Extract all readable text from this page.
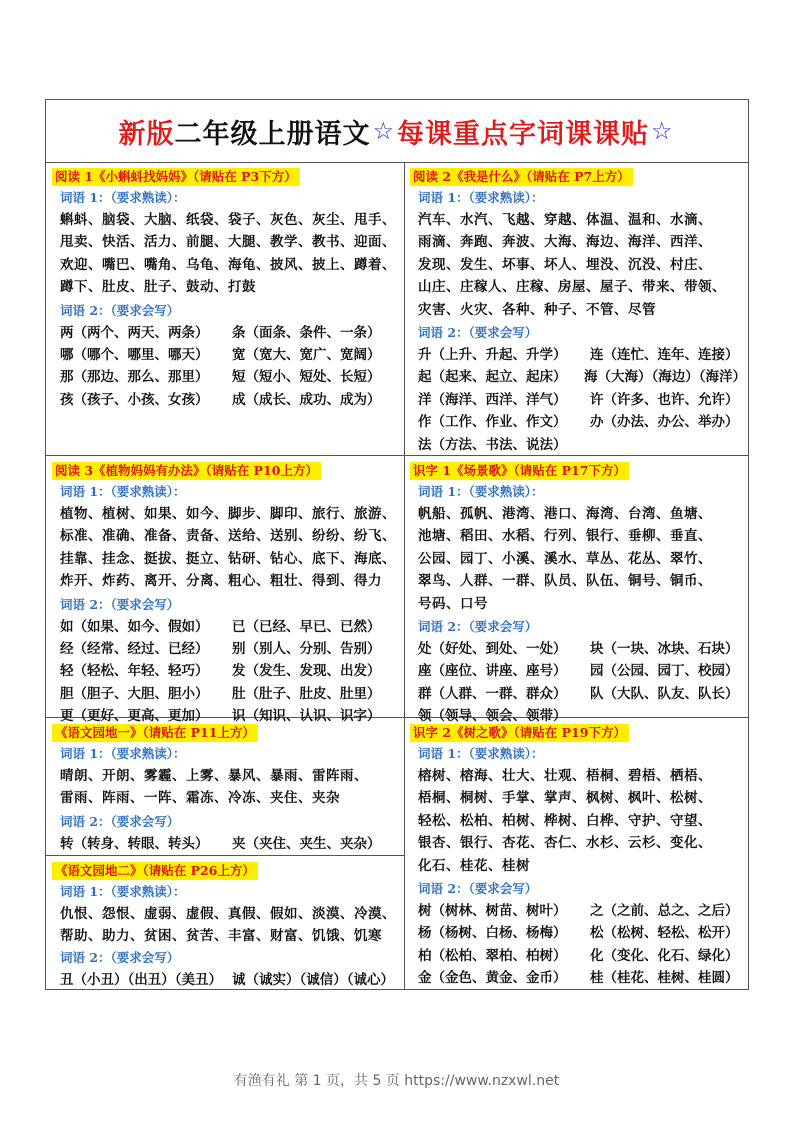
新版 二年级上册语文 ☆ 每课重点字词课课贴 ☆
阅读 1《小蝌蚪找妈妈》（请贴在 P3下方）
词语 1：（要求熟读）：
蝌蚪、脑袋、大脑、纸袋、袋子、灰色、灰尘、甩手、
甩卖、快活、活力、前腿、大腿、教学、教书、迎面、
欢迎、嘴巴、嘴角、乌龟、海龟、披风、披上、蹲着、
蹲下、肚皮、肚子、鼓动、打鼓
词语 2：（要求会写）
两（两个、两天、两条）	条（面条、条件、一条）
哪（哪个、哪里、哪天）	宽（宽大、宽广、宽阔）
那（那边、那么、那里）	短（短小、短处、长短）
孩（孩子、小孩、女孩）	成（成长、成功、成为）
阅读 2《我是什么》（请贴在 P7上方）
词语 1：（要求熟读）：
汽车、水汽、飞越、穿越、体温、温和、水滴、
雨滴、奔跑、奔波、大海、海边、海洋、西洋、
发现、发生、坏事、坏人、埋没、沉没、村庄、
山庄、庄稼人、庄稼、房屋、屋子、带来、带领、
灾害、火灾、各种、种子、不管、尽管
词语 2：（要求会写）
升（上升、升起、升学）	连（连忙、连年、连接）
起（起来、起立、起床）	海（大海）（海边）（海洋）
洋（海洋、西洋、洋气）	许（许多、也许、允许）
作（工作、作业、作文）	办（办法、办公、举办）
法（方法、书法、说法）
阅读 3《植物妈妈有办法》（请贴在 P10上方）
词语 1：（要求熟读）：
植物、植树、如果、如今、脚步、脚印、旅行、旅游、
标准、准确、准备、责备、送给、送别、纷纷、纷飞、
挂靠、挂念、挺拔、挺立、钻研、钻心、底下、海底、
炸开、炸药、离开、分离、粗心、粗壮、得到、得力
词语 2：（要求会写）
如（如果、如今、假如）	已（已经、早已、已然）
经（经常、经过、已经）	别（别人、分别、告别）
轻（轻松、年轻、轻巧）	发（发生、发现、出发）
胆（胆子、大胆、胆小）	肚（肚子、肚皮、肚里）
更（更好、更高、更加）	识（知识、认识、识字）
识字 1《场景歌》（请贴在 P17下方）
词语 1：（要求熟读）：
帆船、孤帆、港湾、港口、海湾、台湾、鱼塘、
池塘、稻田、水稻、行列、银行、垂柳、垂直、
公园、园丁、小溪、溪水、草丛、花丛、翠竹、
翠鸟、人群、一群、队员、队伍、铜号、铜币、
号码、口号
词语 2：（要求会写）
处（好处、到处、一处）	块（一块、冰块、石块）
座（座位、讲座、座号）	园（公园、园丁、校园）
群（人群、一群、群众）	队（大队、队友、队长）
领（领导、领会、领带）
《语文园地一》（请贴在 P11上方）
词语 1：（要求熟读）：
晴朗、开朗、雾霾、上雾、暴风、暴雨、雷阵雨、
雷雨、阵雨、一阵、霜冻、冷冻、夹住、夹杂
词语 2：（要求会写）
转（转身、转眼、转头）	夹（夹住、夹生、夹杂）
《语文园地二》（请贴在 P26上方）
词语 1：（要求熟读）：
仇恨、怨恨、虚弱、虚假、真假、假如、淡漠、冷漠、
帮助、助力、贫困、贫苦、丰富、财富、饥饿、饥寒
词语 2：（要求会写）
丑（小丑）（出丑）（美丑） 诚（诚实）（诚信）（诚心）
识字 2《树之歌》（请贴在 P19下方）
词语 1：（要求熟读）：
榕树、榕海、壮大、壮观、梧桐、碧梧、栖梧、
梧桐、桐树、手掌、掌声、枫树、枫叶、松树、
轻松、松柏、柏树、桦树、白桦、守护、守望、
银杏、银行、杏花、杏仁、水杉、云杉、变化、
化石、桂花、桂树
词语 2：（要求会写）
树（树林、树苗、树叶）	之（之前、总之、之后）
杨（杨树、白杨、杨梅）	松（松树、轻松、松开）
柏（松柏、翠柏、柏树）	化（变化、化石、绿化）
金（金色、黄金、金币）	桂（桂花、桂树、桂圆）
有渔有礼 第 1 页，共 5 页 https://www.nzxwl.net
